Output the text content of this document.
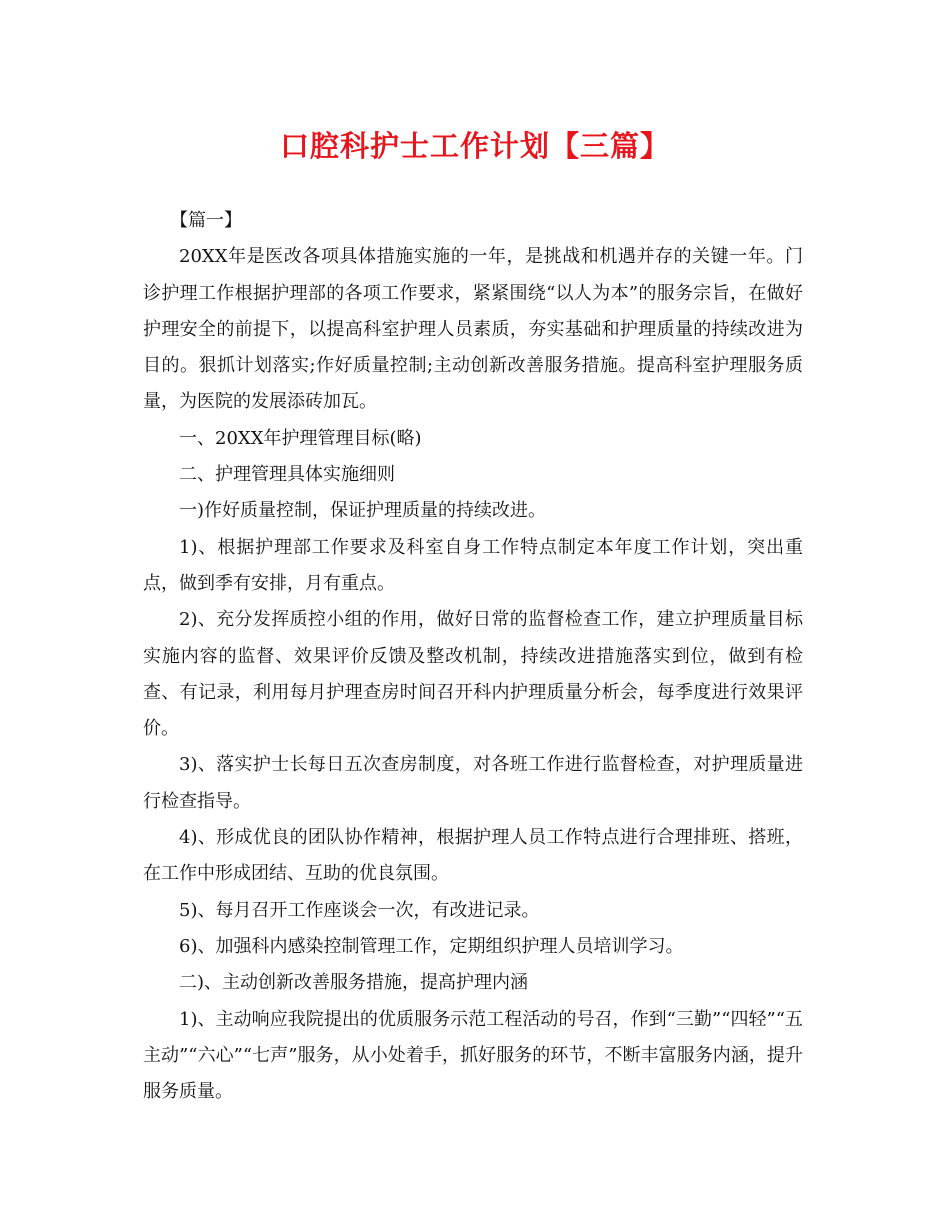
口腔科护士工作计划【三篇】

【篇一】

20XX年是医改各项具体措施实施的一年，是挑战和机遇并存的关键一年。门诊护理工作根据护理部的各项工作要求，紧紧围绕“以人为本”的服务宗旨，在做好护理安全的前提下，以提高科室护理人员素质，夯实基础和护理质量的持续改进为目的。狠抓计划落实;作好质量控制;主动创新改善服务措施。提高科室护理服务质量，为医院的发展添砖加瓦。

一、20XX年护理管理目标(略)

二、护理管理具体实施细则

一)作好质量控制，保证护理质量的持续改进。

1)、根据护理部工作要求及科室自身工作特点制定本年度工作计划，突出重点，做到季有安排，月有重点。

2)、充分发挥质控小组的作用，做好日常的监督检查工作，建立护理质量目标实施内容的监督、效果评价反馈及整改机制，持续改进措施落实到位，做到有检查、有记录，利用每月护理查房时间召开科内护理质量分析会，每季度进行效果评价。

3)、落实护士长每日五次查房制度，对各班工作进行监督检查，对护理质量进行检查指导。

4)、形成优良的团队协作精神，根据护理人员工作特点进行合理排班、搭班，在工作中形成团结、互助的优良氛围。

5)、每月召开工作座谈会一次，有改进记录。

6)、加强科内感染控制管理工作，定期组织护理人员培训学习。

二)、主动创新改善服务措施，提高护理内涵

1)、主动响应我院提出的优质服务示范工程活动的号召，作到“三勤”“四轻”“五主动”“六心”“七声”服务，从小处着手，抓好服务的环节，不断丰富服务内涵，提升服务质量。
